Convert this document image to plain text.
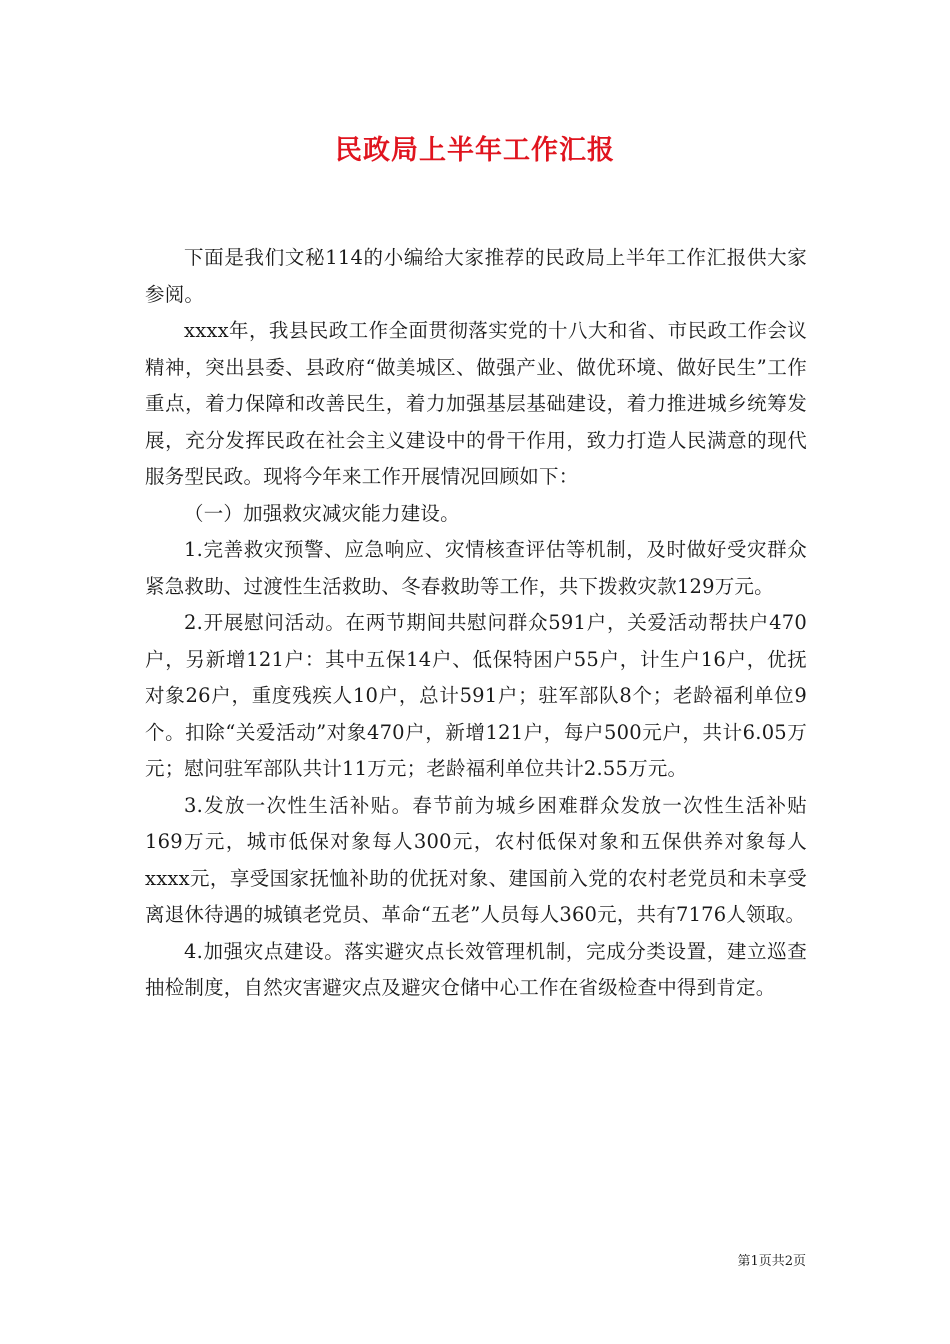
民政局上半年工作汇报

下面是我们文秘114的小编给大家推荐的民政局上半年工作汇报供大家参阅。

xxxx年，我县民政工作全面贯彻落实党的十八大和省、市民政工作会议精神，突出县委、县政府“做美城区、做强产业、做优环境、做好民生”工作重点，着力保障和改善民生，着力加强基层基础建设，着力推进城乡统筹发展，充分发挥民政在社会主义建设中的骨干作用，致力打造人民满意的现代服务型民政。现将今年来工作开展情况回顾如下：

（一）加强救灾减灾能力建设。

1.完善救灾预警、应急响应、灾情核查评估等机制，及时做好受灾群众紧急救助、过渡性生活救助、冬春救助等工作，共下拨救灾款129万元。

2.开展慰问活动。在两节期间共慰问群众591户，关爱活动帮扶户470户，另新增121户：其中五保14户、低保特困户55户，计生户16户，优抚对象26户，重度残疾人10户，总计591户；驻军部队8个；老龄福利单位9个。扣除“关爱活动”对象470户，新增121户，每户500元户，共计6.05万元；慰问驻军部队共计11万元；老龄福利单位共计2.55万元。

3.发放一次性生活补贴。春节前为城乡困难群众发放一次性生活补贴169万元，城市低保对象每人300元，农村低保对象和五保供养对象每人xxxx元，享受国家抚恤补助的优抚对象、建国前入党的农村老党员和未享受离退休待遇的城镇老党员、革命“五老”人员每人360元，共有7176人领取。

4.加强灾点建设。落实避灾点长效管理机制，完成分类设置，建立巡查抽检制度，自然灾害避灾点及避灾仓储中心工作在省级检查中得到肯定。

第1页共2页
